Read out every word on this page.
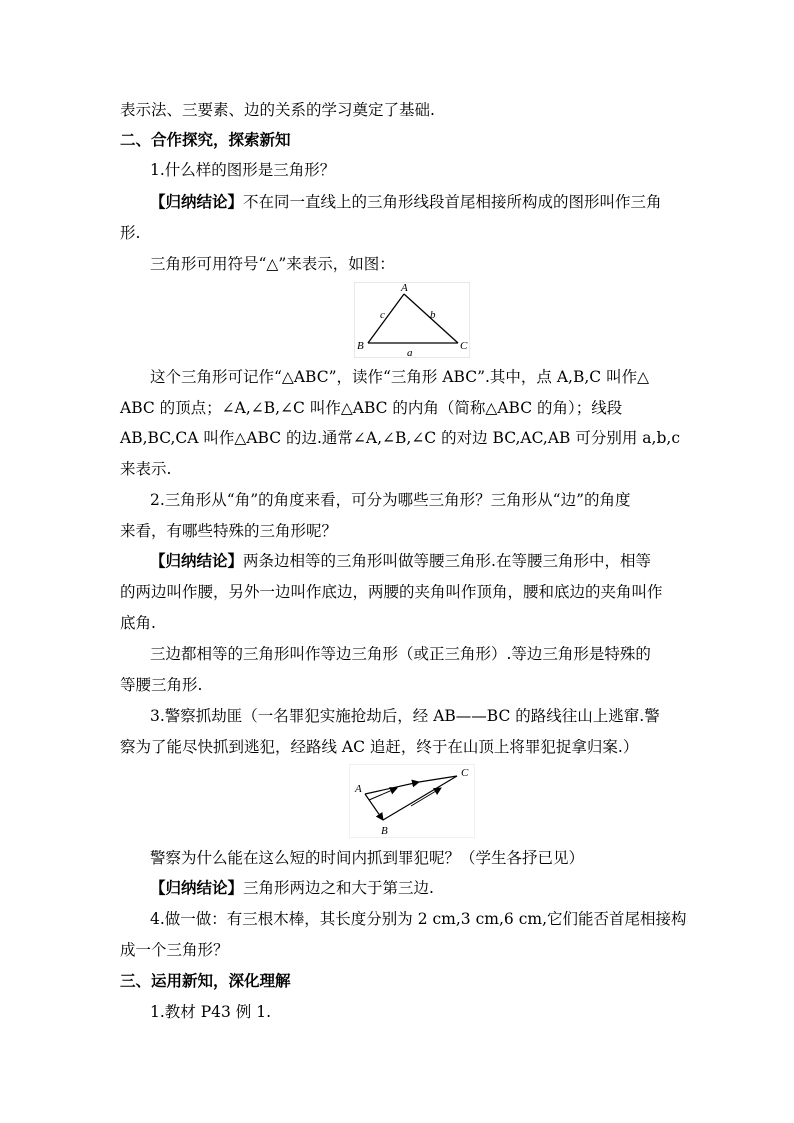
表示法、三要素、边的关系的学习奠定了基础.
二、合作探究，探索新知
1.什么样的图形是三角形？
【归纳结论】不在同一直线上的三角形线段首尾相接所构成的图形叫作三角
形.
三角形可用符号“△”来表示，如图：
A
B	C
c	b
a
这个三角形可记作“△ABC”，读作“三角形 ABC”.其中，点 A,B,C 叫作△
ABC 的顶点；∠A,∠B,∠C 叫作△ABC 的内角（简称△ABC 的角）；线段
AB,BC,CA 叫作△ABC 的边.通常∠A,∠B,∠C 的对边 BC,AC,AB 可分别用 a,b,c
来表示.
2.三角形从“角”的角度来看，可分为哪些三角形？三角形从“边”的角度
来看，有哪些特殊的三角形呢？
【归纳结论】两条边相等的三角形叫做等腰三角形.在等腰三角形中，相等
的两边叫作腰，另外一边叫作底边，两腰的夹角叫作顶角，腰和底边的夹角叫作
底角.
三边都相等的三角形叫作等边三角形（或正三角形）.等边三角形是特殊的
等腰三角形.
3.警察抓劫匪（一名罪犯实施抢劫后，经 AB——BC 的路线往山上逃窜.警
察为了能尽快抓到逃犯，经路线 AC 追赶，终于在山顶上将罪犯捉拿归案.）
A
B
C
警察为什么能在这么短的时间内抓到罪犯呢？（学生各抒已见）
【归纳结论】三角形两边之和大于第三边.
4.做一做：有三根木棒，其长度分别为 2 cm,3 cm,6 cm,它们能否首尾相接构
成一个三角形？
三、运用新知，深化理解
1.教材 P43 例 1.
